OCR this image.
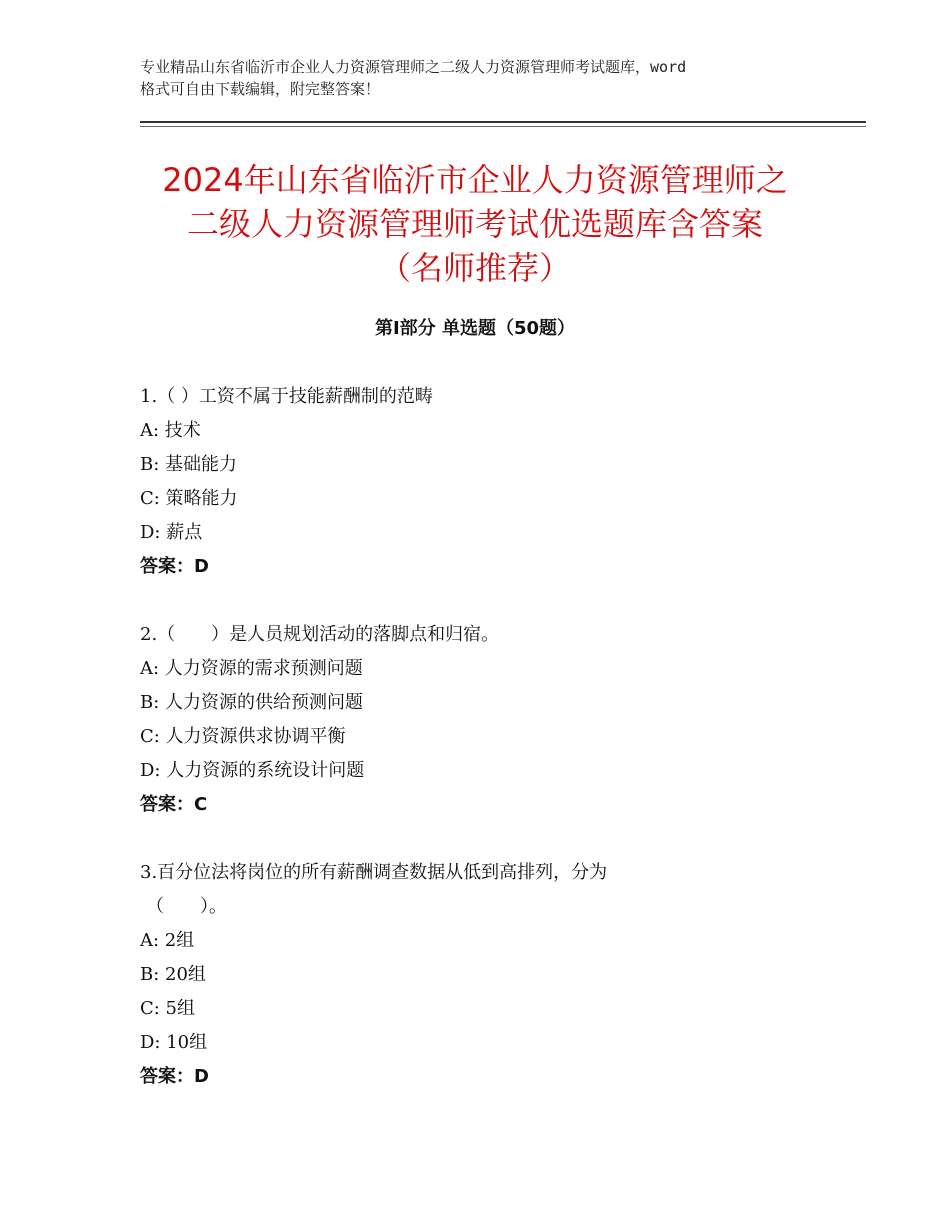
专业精品山东省临沂市企业人力资源管理师之二级人力资源管理师考试题库，word
格式可自由下载编辑，附完整答案！
2024年山东省临沂市企业人力资源管理师之
二级人力资源管理师考试优选题库含答案
（名师推荐）
第Ⅰ部分 单选题（50题）
1.（ ）工资不属于技能薪酬制的范畴
A: 技术
B: 基础能力
C: 策略能力
D: 薪点
答案：D
2.（　　）是人员规划活动的落脚点和归宿。
A: 人力资源的需求预测问题
B: 人力资源的供给预测问题
C: 人力资源供求协调平衡
D: 人力资源的系统设计问题
答案：C
3.百分位法将岗位的所有薪酬调查数据从低到高排列，分为
（　　）。
A: 2组
B: 20组
C: 5组
D: 10组
答案：D
